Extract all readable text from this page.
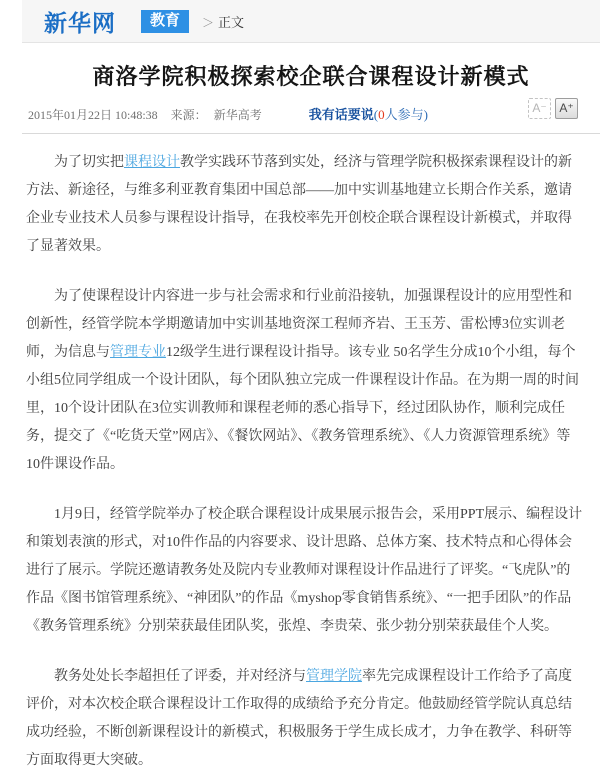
新华网	教育	＞ 正文
商洛学院积极探索校企联合课程设计新模式
2015年01月22日 10:48:38 来源： 新华高考	我有话要说(0人参与)	A⁻ A⁺

为了切实把课程设计教学实践环节落到实处，经济与管理学院积极探索课程设计的新方法、新途径，与维多利亚教育集团中国总部——加中实训基地建立长期合作关系，邀请企业专业技术人员参与课程设计指导，在我校率先开创校企联合课程设计新模式，并取得了显著效果。

为了使课程设计内容进一步与社会需求和行业前沿接轨，加强课程设计的应用型性和创新性，经管学院本学期邀请加中实训基地资深工程师齐岩、王玉芳、雷松博3位实训老师，为信息与管理专业12级学生进行课程设计指导。该专业 50名学生分成10个小组，每个小组5位同学组成一个设计团队，每个团队独立完成一件课程设计作品。在为期一周的时间里，10个设计团队在3位实训教师和课程老师的悉心指导下，经过团队协作，顺利完成任务，提交了《“吃货天堂”网店》、《餐饮网站》、《教务管理系统》、《人力资源管理系统》等10件课设作品。

1月9日，经管学院举办了校企联合课程设计成果展示报告会，采用PPT展示、编程设计和策划表演的形式，对10件作品的内容要求、设计思路、总体方案、技术特点和心得体会进行了展示。学院还邀请教务处及院内专业教师对课程设计作品进行了评奖。“飞虎队”的作品《图书馆管理系统》、“神团队”的作品《myshop零食销售系统》、“一把手团队”的作品《教务管理系统》分别荣获最佳团队奖，张煌、李贵荣、张少勃分别荣获最佳个人奖。

教务处处长李超担任了评委，并对经济与管理学院率先完成课程设计工作给予了高度评价，对本次校企联合课程设计工作取得的成绩给予充分肯定。他鼓励经管学院认真总结成功经验，不断创新课程设计的新模式，积极服务于学生成长成才，力争在教学、科研等方面取得更大突破。
